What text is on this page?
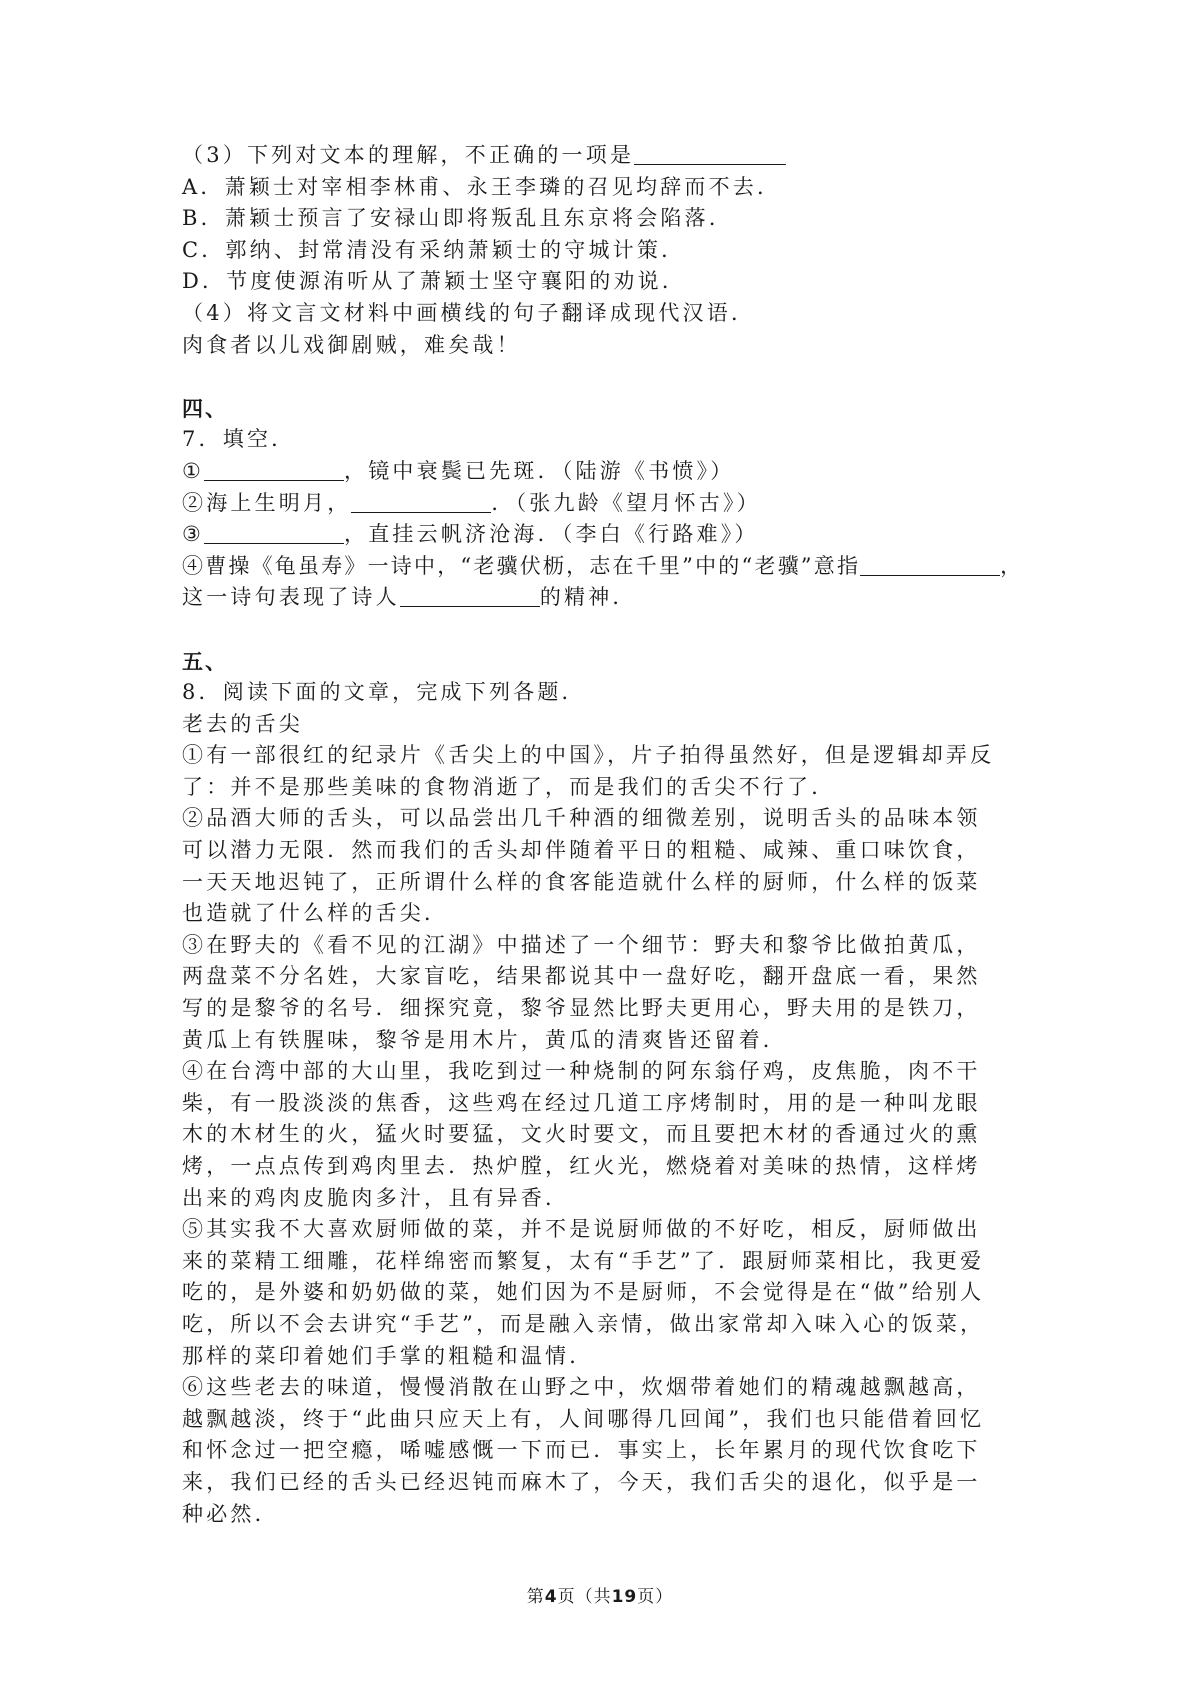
（3）下列对文本的理解，不正确的一项是
A．萧颖士对宰相李林甫、永王李璘的召见均辞而不去．
B．萧颖士预言了安禄山即将叛乱且东京将会陷落．
C．郭纳、封常清没有采纳萧颖士的守城计策．
D．节度使源洧听从了萧颖士坚守襄阳的劝说．
（4）将文言文材料中画横线的句子翻译成现代汉语．
肉食者以儿戏御剧贼，难矣哉！
四、
7．填空．
①	，镜中衰鬓已先斑．（陆游《书愤》）
②海上生明月，	．（张九龄《望月怀古》）
③	，直挂云帆济沧海．（李白《行路难》）
④曹操《龟虽寿》一诗中，“老骥伏枥，志在千里”中的“老骥”意指	，
这一诗句表现了诗人	的精神．
五、
8．阅读下面的文章，完成下列各题．
老去的舌尖
①有一部很红的纪录片《舌尖上的中国》，片子拍得虽然好，但是逻辑却弄反
了：并不是那些美味的食物消逝了，而是我们的舌尖不行了．
②品酒大师的舌头，可以品尝出几千种酒的细微差别，说明舌头的品味本领
可以潜力无限．然而我们的舌头却伴随着平日的粗糙、咸辣、重口味饮食，
一天天地迟钝了，正所谓什么样的食客能造就什么样的厨师，什么样的饭菜
也造就了什么样的舌尖．
③在野夫的《看不见的江湖》中描述了一个细节：野夫和黎爷比做拍黄瓜，
两盘菜不分名姓，大家盲吃，结果都说其中一盘好吃，翻开盘底一看，果然
写的是黎爷的名号．细探究竟，黎爷显然比野夫更用心，野夫用的是铁刀，
黄瓜上有铁腥味，黎爷是用木片，黄瓜的清爽皆还留着．
④在台湾中部的大山里，我吃到过一种烧制的阿东翁仔鸡，皮焦脆，肉不干
柴，有一股淡淡的焦香，这些鸡在经过几道工序烤制时，用的是一种叫龙眼
木的木材生的火，猛火时要猛，文火时要文，而且要把木材的香通过火的熏
烤，一点点传到鸡肉里去．热炉膛，红火光，燃烧着对美味的热情，这样烤
出来的鸡肉皮脆肉多汁，且有异香．
⑤其实我不大喜欢厨师做的菜，并不是说厨师做的不好吃，相反，厨师做出
来的菜精工细雕，花样绵密而繁复，太有“手艺”了．跟厨师菜相比，我更爱
吃的，是外婆和奶奶做的菜，她们因为不是厨师，不会觉得是在“做”给别人
吃，所以不会去讲究“手艺”，而是融入亲情，做出家常却入味入心的饭菜，
那样的菜印着她们手掌的粗糙和温情．
⑥这些老去的味道，慢慢消散在山野之中，炊烟带着她们的精魂越飘越高，
越飘越淡，终于“此曲只应天上有，人间哪得几回闻”，我们也只能借着回忆
和怀念过一把空瘾，唏嘘感慨一下而已．事实上，长年累月的现代饮食吃下
来，我们已经的舌头已经迟钝而麻木了，今天，我们舌尖的退化，似乎是一
种必然．
第4页（共19页）
